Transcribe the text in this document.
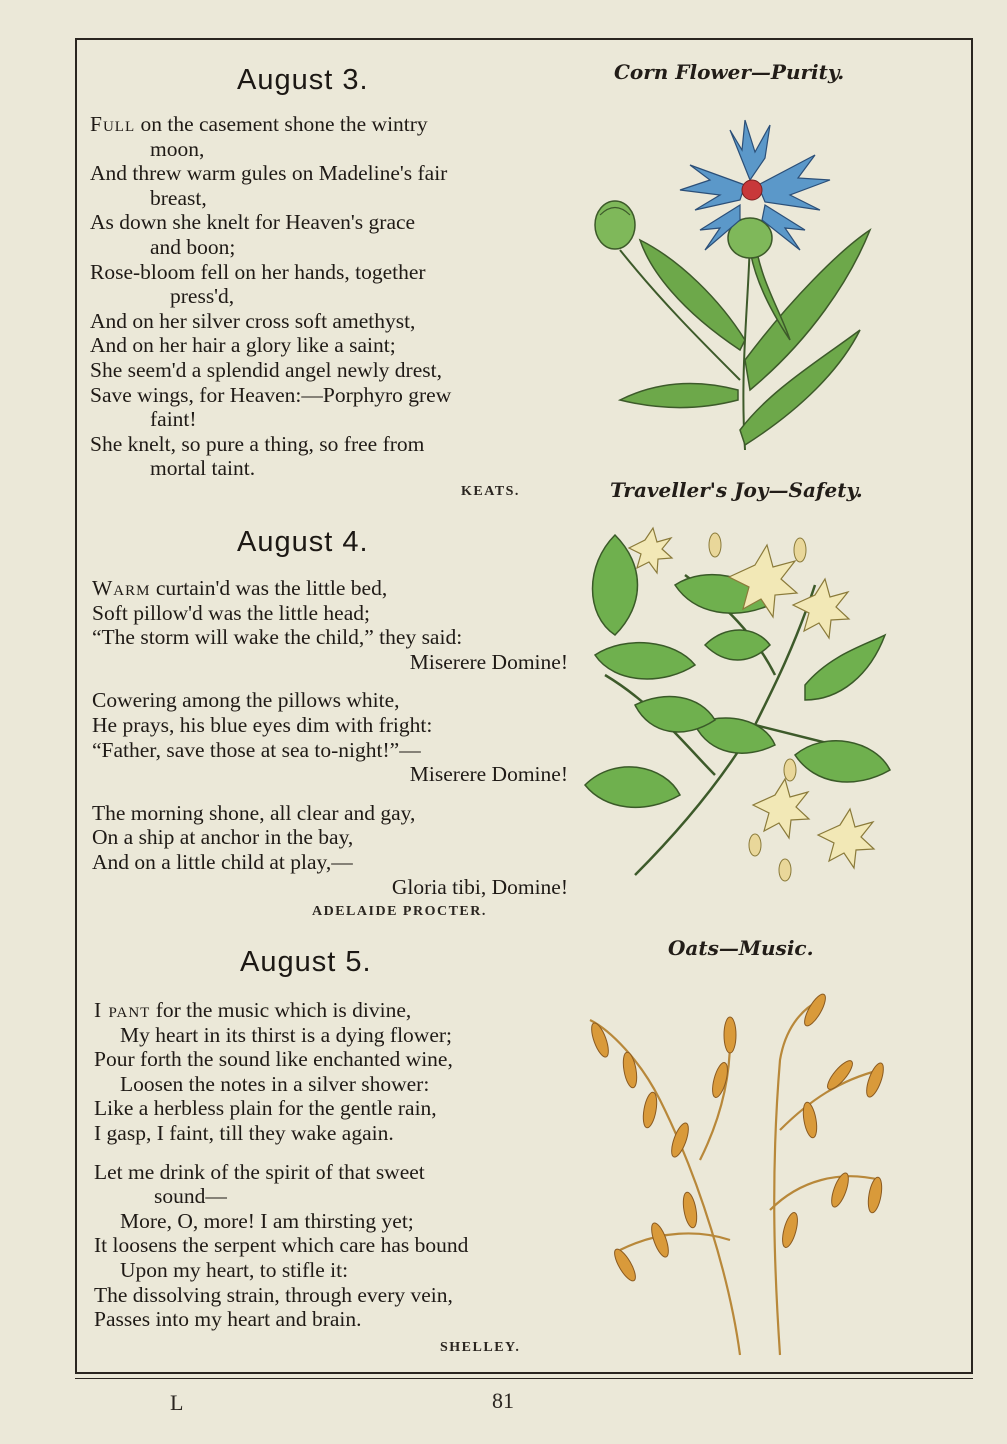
August 3.
Full on the casement shone the wintry
moon,
And threw warm gules on Madeline's fair
breast,
As down she knelt for Heaven's grace
and boon;
Rose-bloom fell on her hands, together
press'd,
And on her silver cross soft amethyst,
And on her hair a glory like a saint;
She seem'd a splendid angel newly drest,
Save wings, for Heaven:—Porphyro grew
faint!
She knelt, so pure a thing, so free from
mortal taint.
KEATS.
August 4.
Warm curtain'd was the little bed,
Soft pillow'd was the little head;
“The storm will wake the child,” they said:
Miserere Domine!
Cowering among the pillows white,
He prays, his blue eyes dim with fright:
“Father, save those at sea to-night!”—
Miserere Domine!
The morning shone, all clear and gay,
On a ship at anchor in the bay,
And on a little child at play,—
Gloria tibi, Domine!
ADELAIDE PROCTER.
August 5.
I pant for the music which is divine,
My heart in its thirst is a dying flower;
Pour forth the sound like enchanted wine,
Loosen the notes in a silver shower:
Like a herbless plain for the gentle rain,
I gasp, I faint, till they wake again.
Let me drink of the spirit of that sweet
sound—
More, O, more! I am thirsting yet;
It loosens the serpent which care has bound
Upon my heart, to stifle it:
The dissolving strain, through every vein,
Passes into my heart and brain.
SHELLEY.
Corn Flower—Purity.
Traveller's Joy—Safety.
Oats—Music.
L	81
